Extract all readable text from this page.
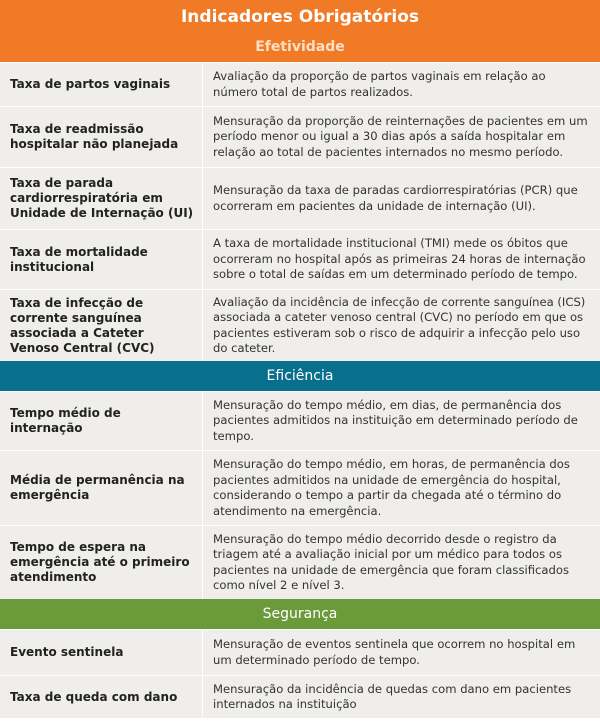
Indicadores Obrigatórios
Efetividade
Taxa de partos vaginais
Avaliação da proporção de partos vaginais em relação ao número total de partos realizados.
Taxa de readmissão hospitalar não planejada
Mensuração da proporção de reinternações de pacientes em um período menor ou igual a 30 dias após a saída hospitalar em relação ao total de pacientes internados no mesmo período.
Taxa de parada cardiorrespiratória em Unidade de Internação (UI)
Mensuração da taxa de paradas cardiorrespiratórias (PCR) que ocorreram em pacientes da unidade de internação (UI).
Taxa de mortalidade institucional
A taxa de mortalidade institucional (TMI) mede os óbitos que ocorreram no hospital após as primeiras 24 horas de internação sobre o total de saídas em um determinado período de tempo.
Taxa de infecção de corrente sanguínea associada a Cateter Venoso Central (CVC)
Avaliação da incidência de infecção de corrente sanguínea (ICS) associada a cateter venoso central (CVC) no período em que os pacientes estiveram sob o risco de adquirir a infecção pelo uso do cateter.
Eficiência
Tempo médio de internação
Mensuração do tempo médio, em dias, de permanência dos pacientes admitidos na instituição em determinado período de tempo.
Média de permanência na emergência
Mensuração do tempo médio, em horas, de permanência dos pacientes admitidos na unidade de emergência do hospital, considerando o tempo a partir da chegada até o término do atendimento na emergência.
Tempo de espera na emergência até o primeiro atendimento
Mensuração do tempo médio decorrido desde o registro da triagem até a avaliação inicial por um médico para todos os pacientes na unidade de emergência que foram classificados como nível 2 e nível 3.
Segurança
Evento sentinela
Mensuração de eventos sentinela que ocorrem no hospital em um determinado período de tempo.
Taxa de queda com dano
Mensuração da incidência de quedas com dano em pacientes internados na instituição
